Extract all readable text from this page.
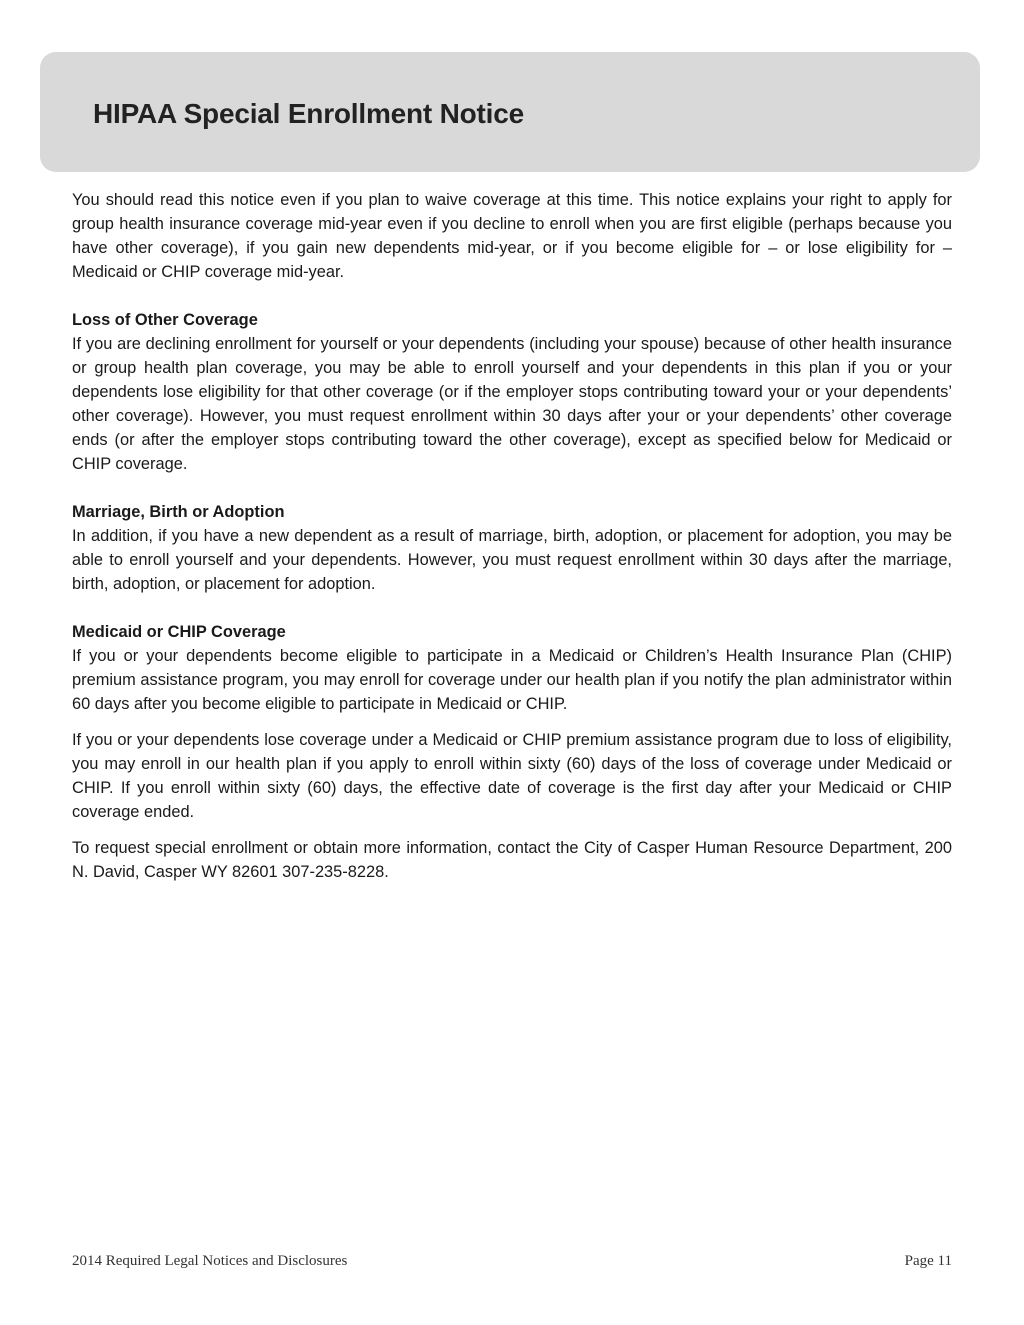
HIPAA Special Enrollment Notice

You should read this notice even if you plan to waive coverage at this time. This notice explains your right to apply for group health insurance coverage mid-year even if you decline to enroll when you are first eligible (perhaps because you have other coverage), if you gain new dependents mid-year, or if you become eligible for – or lose eligibility for – Medicaid or CHIP coverage mid-year.

Loss of Other Coverage

If you are declining enrollment for yourself or your dependents (including your spouse) because of other health insurance or group health plan coverage, you may be able to enroll yourself and your dependents in this plan if you or your dependents lose eligibility for that other coverage (or if the employer stops contributing toward your or your dependents’ other coverage). However, you must request enrollment within 30 days after your or your dependents’ other coverage ends (or after the employer stops contributing toward the other coverage), except as specified below for Medicaid or CHIP coverage.

Marriage, Birth or Adoption

In addition, if you have a new dependent as a result of marriage, birth, adoption, or placement for adoption, you may be able to enroll yourself and your dependents. However, you must request enrollment within 30 days after the marriage, birth, adoption, or placement for adoption.

Medicaid or CHIP Coverage

If you or your dependents become eligible to participate in a Medicaid or Children’s Health Insurance Plan (CHIP) premium assistance program, you may enroll for coverage under our health plan if you notify the plan administrator within 60 days after you become eligible to participate in Medicaid or CHIP.

If you or your dependents lose coverage under a Medicaid or CHIP premium assistance program due to loss of eligibility, you may enroll in our health plan if you apply to enroll within sixty (60) days of the loss of coverage under Medicaid or CHIP. If you enroll within sixty (60) days, the effective date of coverage is the first day after your Medicaid or CHIP coverage ended.

To request special enrollment or obtain more information, contact the City of Casper Human Resource Department, 200 N. David, Casper WY 82601 307-235-8228.

2014 Required Legal Notices and Disclosures	Page 11
